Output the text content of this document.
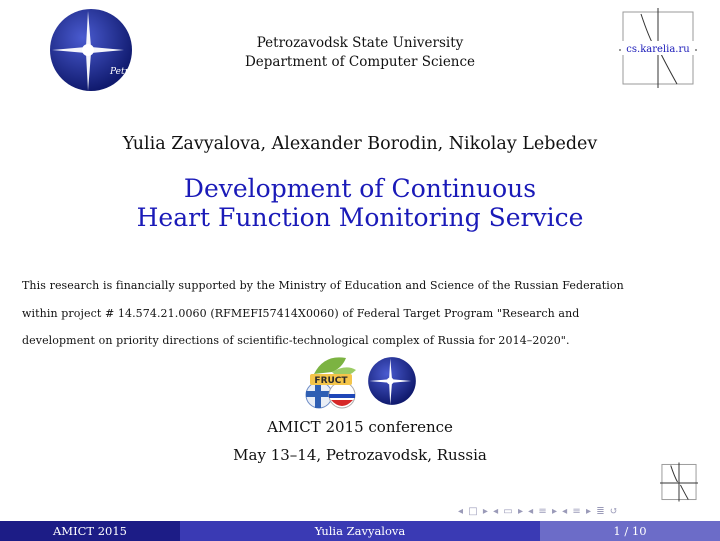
PetrSU
Petrozavodsk State University
Department of Computer Science
cs.karelia.ru
Yulia Zavyalova, Alexander Borodin, Nikolay Lebedev
Development of Continuous
Heart Function Monitoring Service
This research is financially supported by the Ministry of Education and Science of the Russian Federation
within project # 14.574.21.0060 (RFMEFI57414X0060) of Federal Target Program "Research and
development on priority directions of scientific-technological complex of Russia for 2014–2020".
FRUCT
AMICT 2015 conference
May 13–14, Petrozavodsk, Russia
◂ □ ▸ ◂ ▭ ▸ ◂ ≡ ▸ ◂ ≡ ▸ ≣ ↺
AMICT 2015	Yulia Zavyalova	1 / 10
